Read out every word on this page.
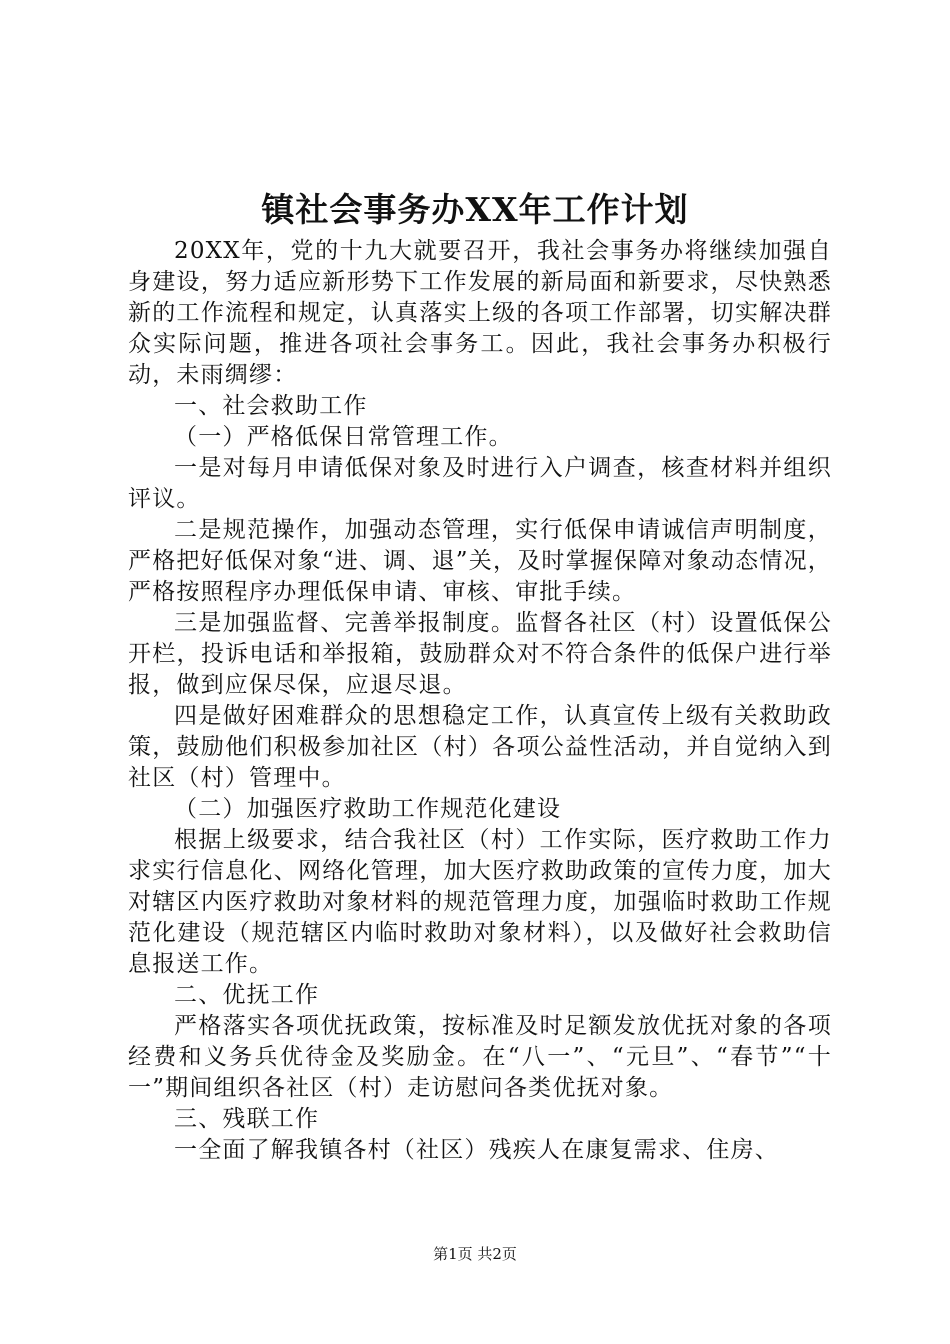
镇社会事务办XX年工作计划

20XX年，党的十九大就要召开，我社会事务办将继续加强自身建设，努力适应新形势下工作发展的新局面和新要求，尽快熟悉新的工作流程和规定，认真落实上级的各项工作部署，切实解决群众实际问题，推进各项社会事务工。因此，我社会事务办积极行动，未雨绸缪：

一、社会救助工作

（一）严格低保日常管理工作。

一是对每月申请低保对象及时进行入户调查，核查材料并组织评议。

二是规范操作，加强动态管理，实行低保申请诚信声明制度，严格把好低保对象“进、调、退”关，及时掌握保障对象动态情况，严格按照程序办理低保申请、审核、审批手续。

三是加强监督、完善举报制度。监督各社区（村）设置低保公开栏，投诉电话和举报箱，鼓励群众对不符合条件的低保户进行举报，做到应保尽保，应退尽退。

四是做好困难群众的思想稳定工作，认真宣传上级有关救助政策，鼓励他们积极参加社区（村）各项公益性活动，并自觉纳入到社区（村）管理中。

（二）加强医疗救助工作规范化建设

根据上级要求，结合我社区（村）工作实际，医疗救助工作力求实行信息化、网络化管理，加大医疗救助政策的宣传力度，加大对辖区内医疗救助对象材料的规范管理力度，加强临时救助工作规范化建设（规范辖区内临时救助对象材料），以及做好社会救助信息报送工作。

二、优抚工作

严格落实各项优抚政策，按标准及时足额发放优抚对象的各项经费和义务兵优待金及奖励金。在“八一”、“元旦”、“春节”“十一”期间组织各社区（村）走访慰问各类优抚对象。

三、残联工作

一全面了解我镇各村（社区）残疾人在康复需求、住房、

第1页 共2页
